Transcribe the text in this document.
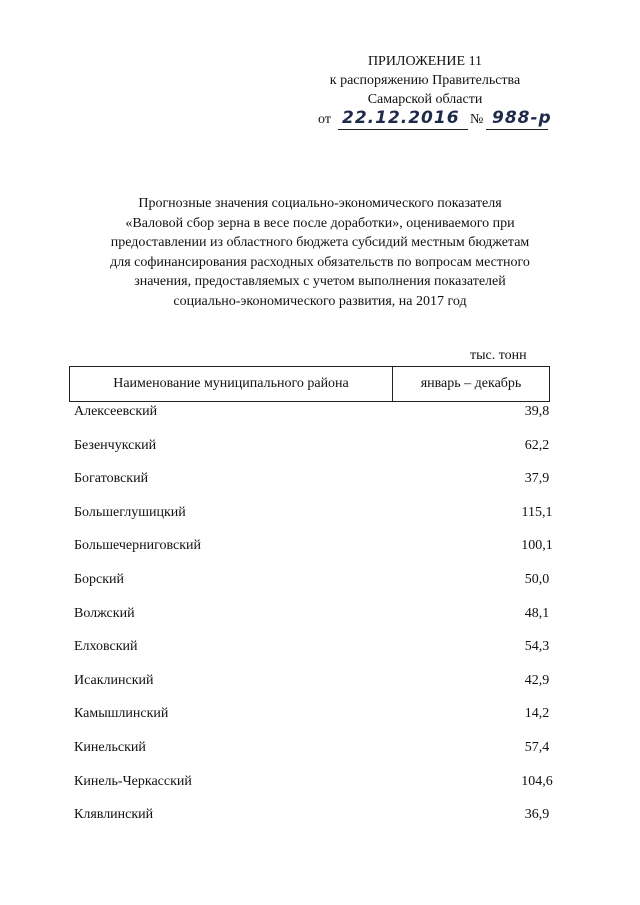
ПРИЛОЖЕНИЕ 11
к распоряжению Правительства
Самарской области
от 22.12.2016 № 988-р
Прогнозные значения социально-экономического показателя
«Валовой сбор зерна в весе после доработки», оцениваемого при
предоставлении из областного бюджета субсидий местным бюджетам
для софинансирования расходных обязательств по вопросам местного
значения, предоставляемых с учетом выполнения показателей
социально-экономического развития, на 2017 год
тыс. тонн
Наименование муниципального района	январь – декабрь
Алексеевский	39,8
Безенчукский	62,2
Богатовский	37,9
Большеглушицкий	115,1
Большечерниговский	100,1
Борский	50,0
Волжский	48,1
Елховский	54,3
Исаклинский	42,9
Камышлинский	14,2
Кинельский	57,4
Кинель-Черкасский	104,6
Клявлинский	36,9
